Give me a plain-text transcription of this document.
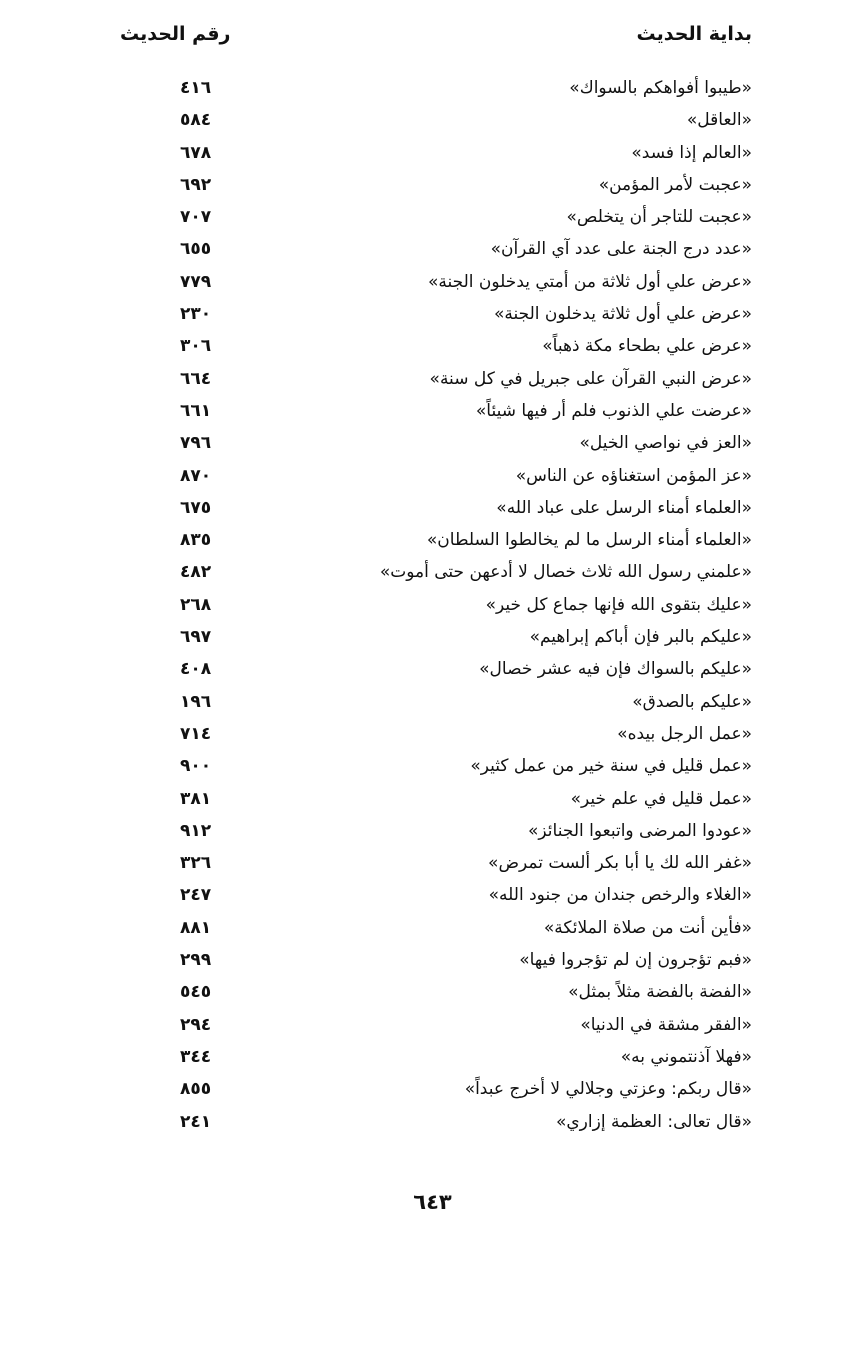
بداية الحديث
رقم الحديث
«طيبوا أفواهكم بالسواك»
٤١٦
«العاقل»
٥٨٤
«العالم إذا فسد»
٦٧٨
«عجبت لأمر المؤمن»
٦٩٢
«عجبت للتاجر أن يتخلص»
٧٠٧
«عدد درج الجنة على عدد آي القرآن»
٦٥٥
«عرض علي أول ثلاثة من أمتي يدخلون الجنة»
٧٧٩
«عرض علي أول ثلاثة يدخلون الجنة»
٢٣٠
«عرض علي بطحاء مكة ذهباً»
٣٠٦
«عرض النبي القرآن على جبريل في كل سنة»
٦٦٤
«عرضت علي الذنوب فلم أر فيها شيئاً»
٦٦١
«العز في نواصي الخيل»
٧٩٦
«عز المؤمن استغناؤه عن الناس»
٨٧٠
«العلماء أمناء الرسل على عباد الله»
٦٧٥
«العلماء أمناء الرسل ما لم يخالطوا السلطان»
٨٣٥
«علمني رسول الله ثلاث خصال لا أدعهن حتى أموت»
٤٨٢
«عليك بتقوى الله فإنها جماع كل خير»
٢٦٨
«عليكم بالبر فإن أباكم إبراهيم»
٦٩٧
«عليكم بالسواك فإن فيه عشر خصال»
٤٠٨
«عليكم بالصدق»
١٩٦
«عمل الرجل بيده»
٧١٤
«عمل قليل في سنة خير من عمل كثير»
٩٠٠
«عمل قليل في علم خير»
٣٨١
«عودوا المرضى واتبعوا الجنائز»
٩١٢
«غفر الله لك يا أبا بكر ألست تمرض»
٣٢٦
«الغلاء والرخص جندان من جنود الله»
٢٤٧
«فأين أنت من صلاة الملائكة»
٨٨١
«فبم تؤجرون إن لم تؤجروا فيها»
٢٩٩
«الفضة بالفضة مثلاً بمثل»
٥٤٥
«الفقر مشقة في الدنيا»
٢٩٤
«فهلا آذنتموني به»
٣٤٤
«قال ربكم: وعزتي وجلالي لا أخرج عبداً»
٨٥٥
«قال تعالى: العظمة إزاري»
٢٤١
٦٤٣
